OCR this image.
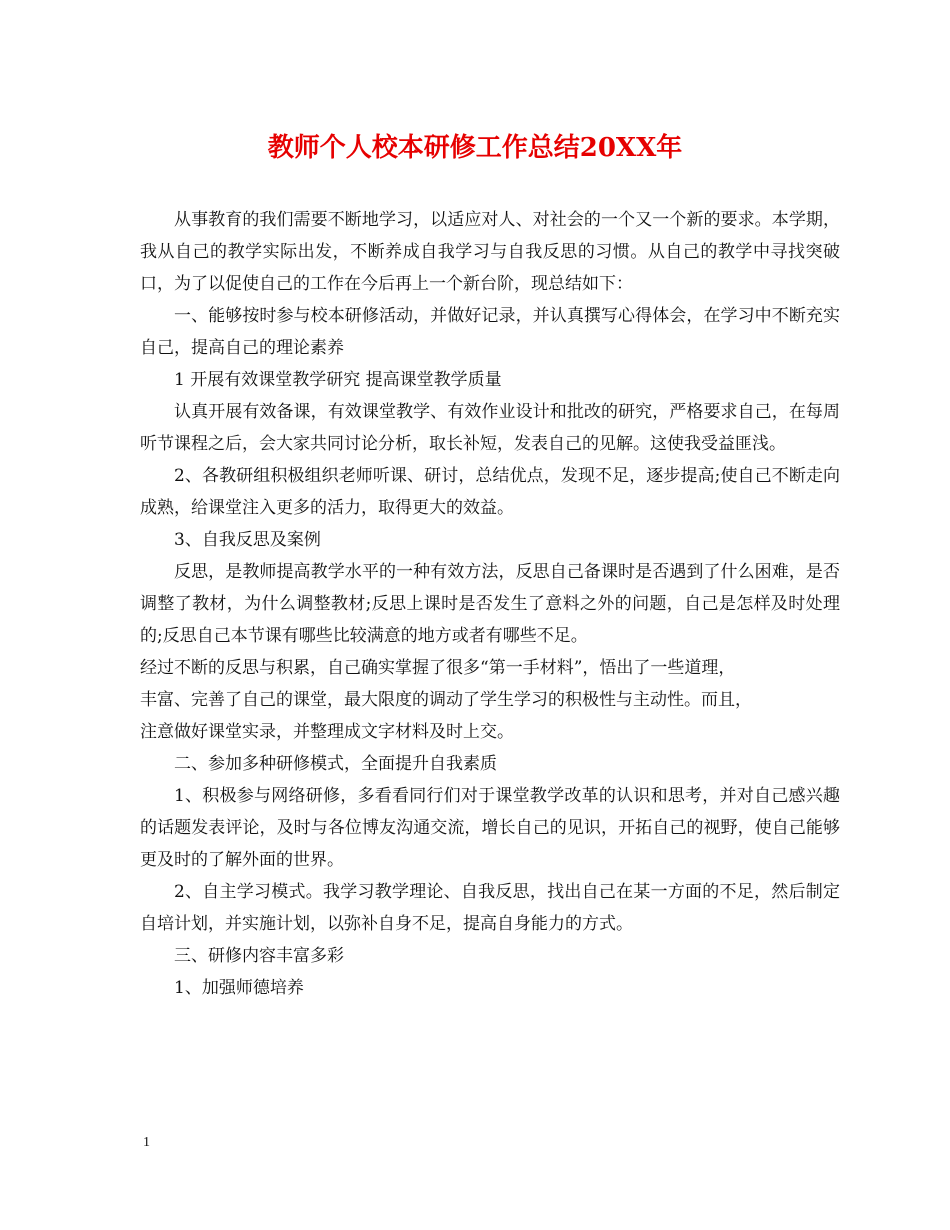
教师个人校本研修工作总结20XX年

从事教育的我们需要不断地学习，以适应对人、对社会的一个又一个新的要求。本学期，我从自己的教学实际出发，不断养成自我学习与自我反思的习惯。从自己的教学中寻找突破口，为了以促使自己的工作在今后再上一个新台阶，现总结如下：

一、能够按时参与校本研修活动，并做好记录，并认真撰写心得体会，在学习中不断充实自己，提高自己的理论素养

1 开展有效课堂教学研究 提高课堂教学质量

认真开展有效备课，有效课堂教学、有效作业设计和批改的研究，严格要求自己，在每周听节课程之后，会大家共同讨论分析，取长补短，发表自己的见解。这使我受益匪浅。

2、各教研组积极组织老师听课、研讨，总结优点，发现不足，逐步提高;使自己不断走向成熟，给课堂注入更多的活力，取得更大的效益。

3、自我反思及案例

反思，是教师提高教学水平的一种有效方法，反思自己备课时是否遇到了什么困难，是否调整了教材，为什么调整教材;反思上课时是否发生了意料之外的问题，自己是怎样及时处理的;反思自己本节课有哪些比较满意的地方或者有哪些不足。

经过不断的反思与积累，自己确实掌握了很多“第一手材料”，悟出了一些道理，

丰富、完善了自己的课堂，最大限度的调动了学生学习的积极性与主动性。而且，

注意做好课堂实录，并整理成文字材料及时上交。

二、参加多种研修模式，全面提升自我素质

1、积极参与网络研修，多看看同行们对于课堂教学改革的认识和思考，并对自己感兴趣的话题发表评论，及时与各位博友沟通交流，增长自己的见识，开拓自己的视野，使自己能够更及时的了解外面的世界。

2、自主学习模式。我学习教学理论、自我反思，找出自己在某一方面的不足，然后制定自培计划，并实施计划，以弥补自身不足，提高自身能力的方式。

三、研修内容丰富多彩

1、加强师德培养

1
